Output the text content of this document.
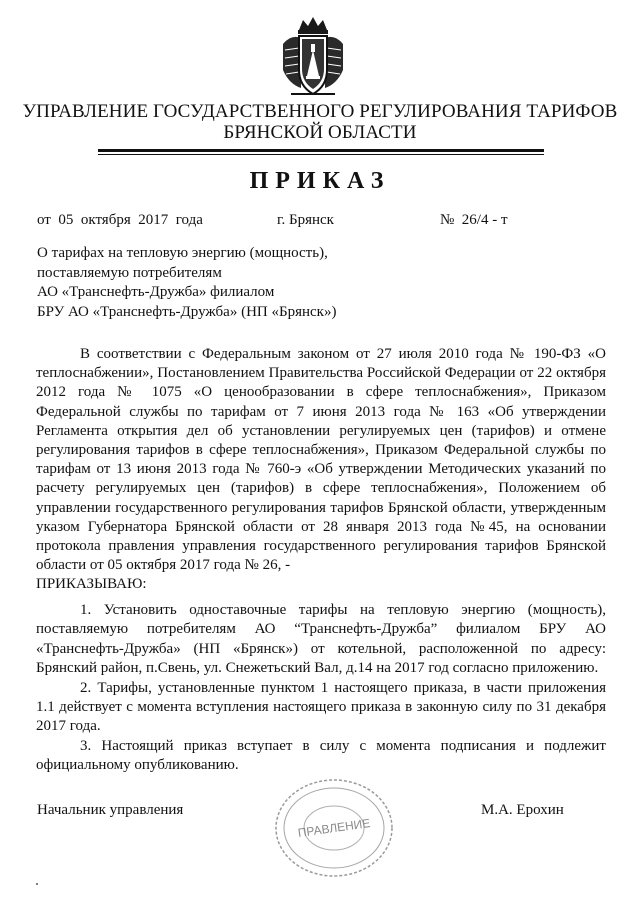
УПРАВЛЕНИЕ ГОСУДАРСТВЕННОГО РЕГУЛИРОВАНИЯ ТАРИФОВ
БРЯНСКОЙ ОБЛАСТИ
ПРИКАЗ
от  05  октября  2017  года	г. Брянск	№  26/4 - т
О тарифах на тепловую энергию (мощность),
поставляемую потребителям
АО «Транснефть-Дружба» филиалом
БРУ АО «Транснефть-Дружба» (НП «Брянск»)
В соответствии с Федеральным законом от 27 июля 2010 года № 190-ФЗ «О теплоснабжении», Постановлением Правительства Российской Федерации от 22 октября 2012 года № 1075 «О ценообразовании в сфере теплоснабжения», Приказом Федеральной службы по тарифам от 7 июня 2013 года № 163 «Об утверждении Регламента открытия дел об установлении регулируемых цен (тарифов) и отмене регулирования тарифов в сфере теплоснабжения», Приказом Федеральной службы по тарифам от 13 июня 2013 года № 760-э «Об утверждении Методических указаний по расчету регулируемых цен (тарифов) в сфере теплоснабжения», Положением об управлении государственного регулирования тарифов Брянской области, утвержденным указом Губернатора Брянской области от 28 января 2013 года №45, на основании протокола правления управления государственного регулирования тарифов Брянской области от 05 октября 2017 года № 26, -
ПРИКАЗЫВАЮ:
1. Установить одноставочные тарифы на тепловую энергию (мощность), поставляемую потребителям АО “Транснефть-Дружба” филиалом БРУ АО «Транснефть-Дружба» (НП «Брянск») от котельной, расположенной по адресу: Брянский район, п.Свень, ул. Снежетьский Вал, д.14 на 2017 год согласно приложению.
2. Тарифы, установленные пунктом 1 настоящего приказа, в части приложения 1.1 действует с момента вступления настоящего приказа в законную силу по 31 декабря 2017 года.
3. Настоящий приказ вступает в силу с момента подписания и подлежит официальному опубликованию.
Начальник управления	М.А. Ерохин
ПРАВЛЕНИЕ
